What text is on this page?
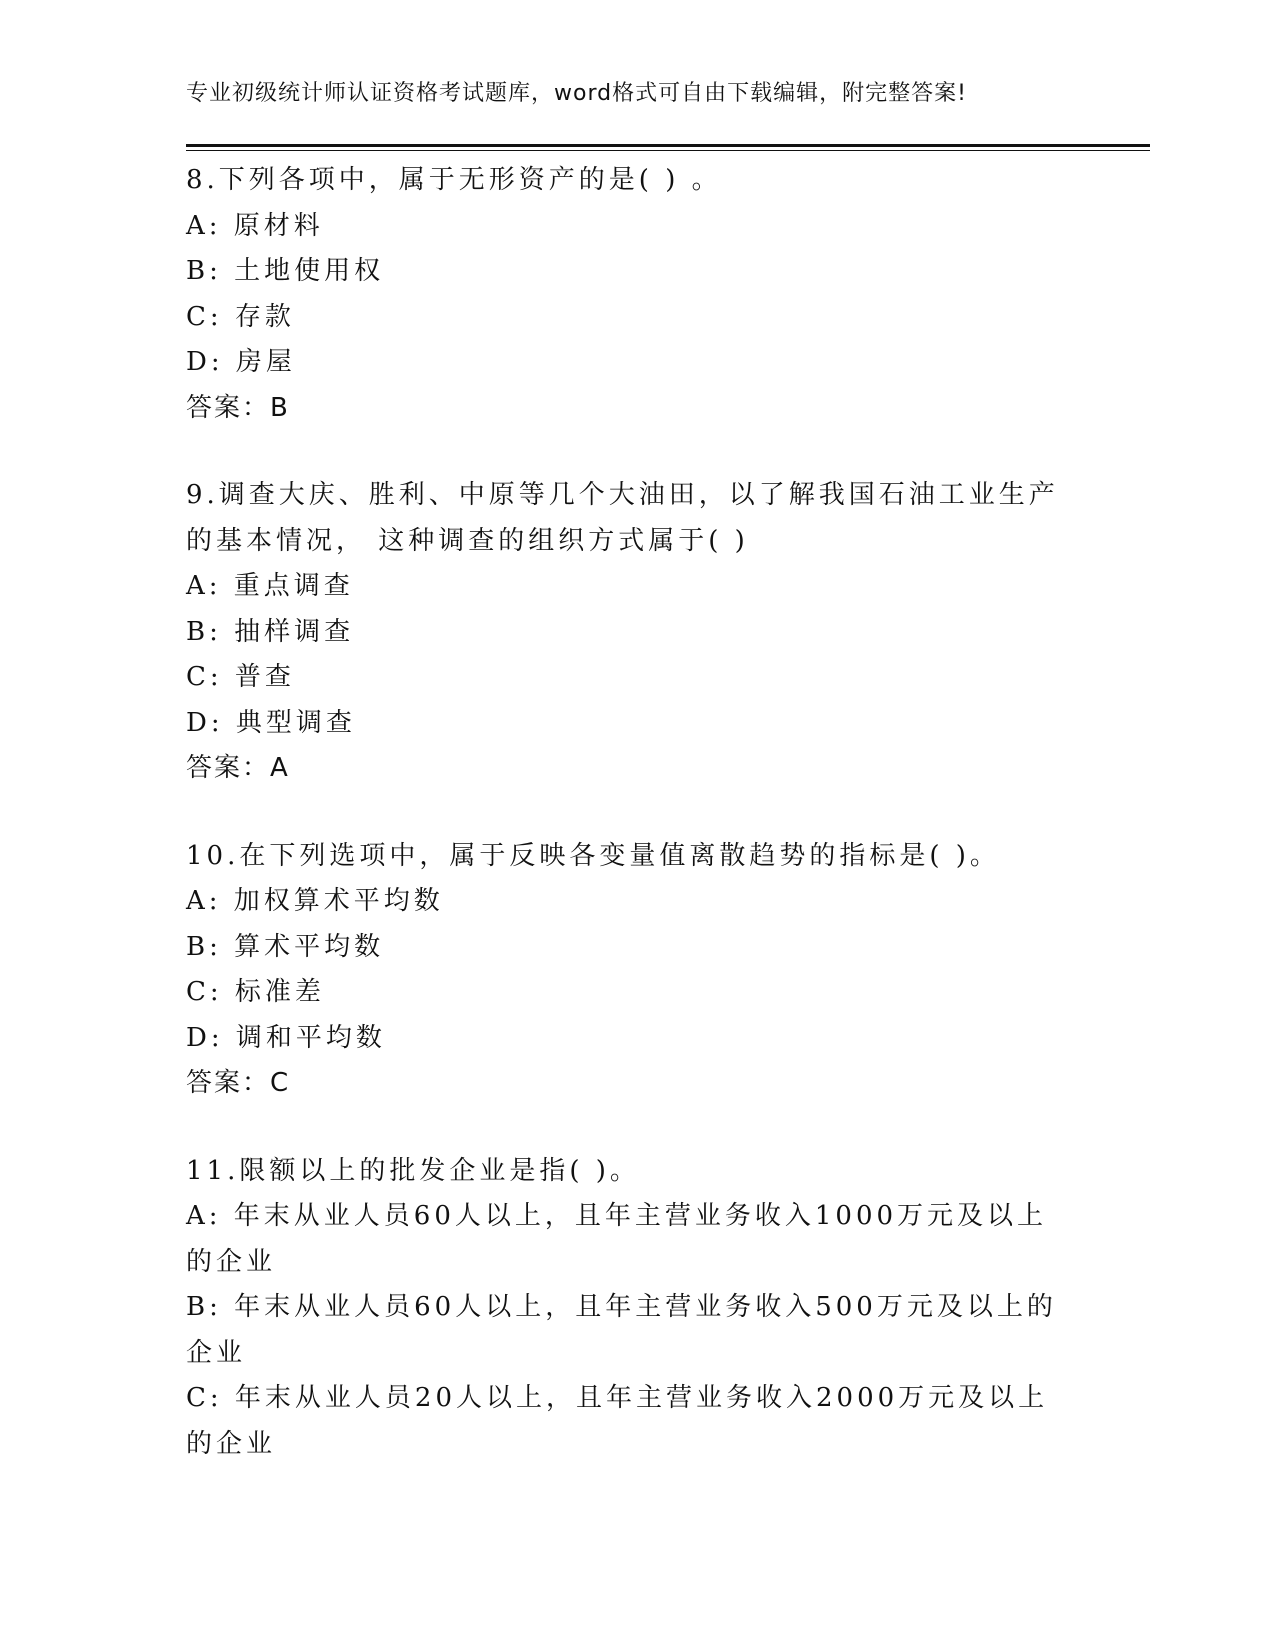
专业初级统计师认证资格考试题库，word格式可自由下载编辑，附完整答案!
8.下列各项中，属于无形资产的是( ) 。
A: 原材料
B: 土地使用权
C: 存款
D: 房屋
答案：B
9.调查大庆、胜利、中原等几个大油田，以了解我国石油工业生产的基本情况， 这种调查的组织方式属于( )
A: 重点调查
B: 抽样调查
C: 普查
D: 典型调查
答案：A
10.在下列选项中，属于反映各变量值离散趋势的指标是( )。
A: 加权算术平均数
B: 算术平均数
C: 标准差
D: 调和平均数
答案：C
11.限额以上的批发企业是指( )。
A: 年末从业人员60人以上，且年主营业务收入1000万元及以上的企业
B: 年末从业人员60人以上，且年主营业务收入500万元及以上的企业
C: 年末从业人员20人以上，且年主营业务收入2000万元及以上的企业
